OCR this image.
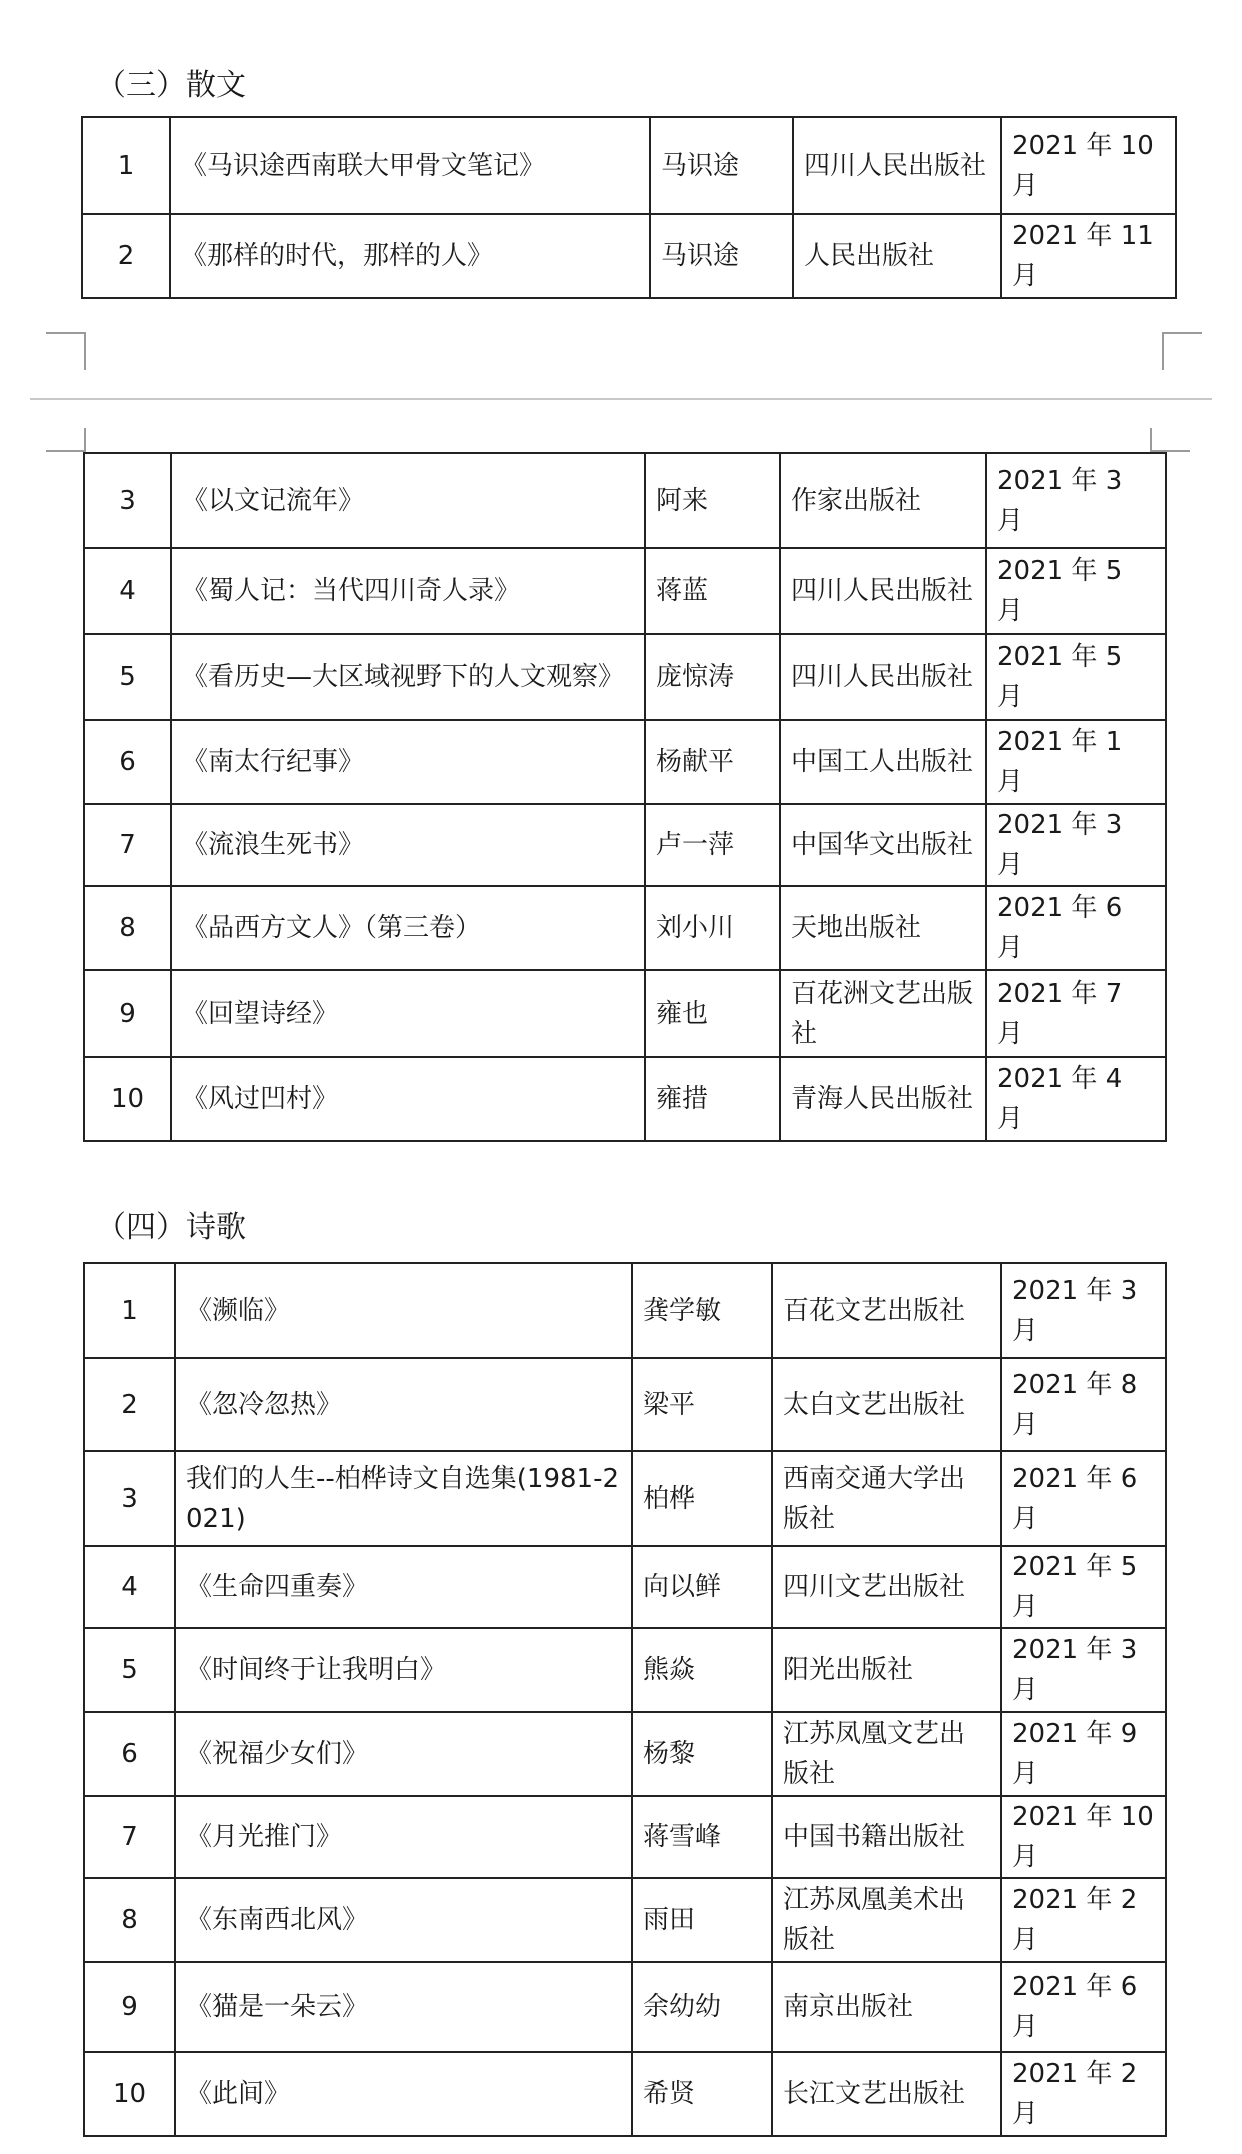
（三）散文
1	《马识途西南联大甲骨文笔记》	马识途	四川人民出版社	2021 年 10 月
2	《那样的时代，那样的人》	马识途	人民出版社	2021 年 11 月
3	《以文记流年》	阿来	作家出版社	2021 年 3 月
4	《蜀人记：当代四川奇人录》	蒋蓝	四川人民出版社	2021 年 5 月
5	《看历史—大区域视野下的人文观察》	庞惊涛	四川人民出版社	2021 年 5 月
6	《南太行纪事》	杨献平	中国工人出版社	2021 年 1 月
7	《流浪生死书》	卢一萍	中国华文出版社	2021 年 3 月
8	《品西方文人》（第三卷）	刘小川	天地出版社	2021 年 6 月
9	《回望诗经》	雍也	百花洲文艺出版社	2021 年 7 月
10	《风过凹村》	雍措	青海人民出版社	2021 年 4 月
（四）诗歌
1	《濒临》	龚学敏	百花文艺出版社	2021 年 3 月
2	《忽冷忽热》	梁平	太白文艺出版社	2021 年 8 月
3	我们的人生--柏桦诗文自选集(1981-2021)	柏桦	西南交通大学出版社	2021 年 6 月
4	《生命四重奏》	向以鲜	四川文艺出版社	2021 年 5 月
5	《时间终于让我明白》	熊焱	阳光出版社	2021 年 3 月
6	《祝福少女们》	杨黎	江苏凤凰文艺出版社	2021 年 9 月
7	《月光推门》	蒋雪峰	中国书籍出版社	2021 年 10 月
8	《东南西北风》	雨田	江苏凤凰美术出版社	2021 年 2 月
9	《猫是一朵云》	余幼幼	南京出版社	2021 年 6 月
10	《此间》	希贤	长江文艺出版社	2021 年 2 月
